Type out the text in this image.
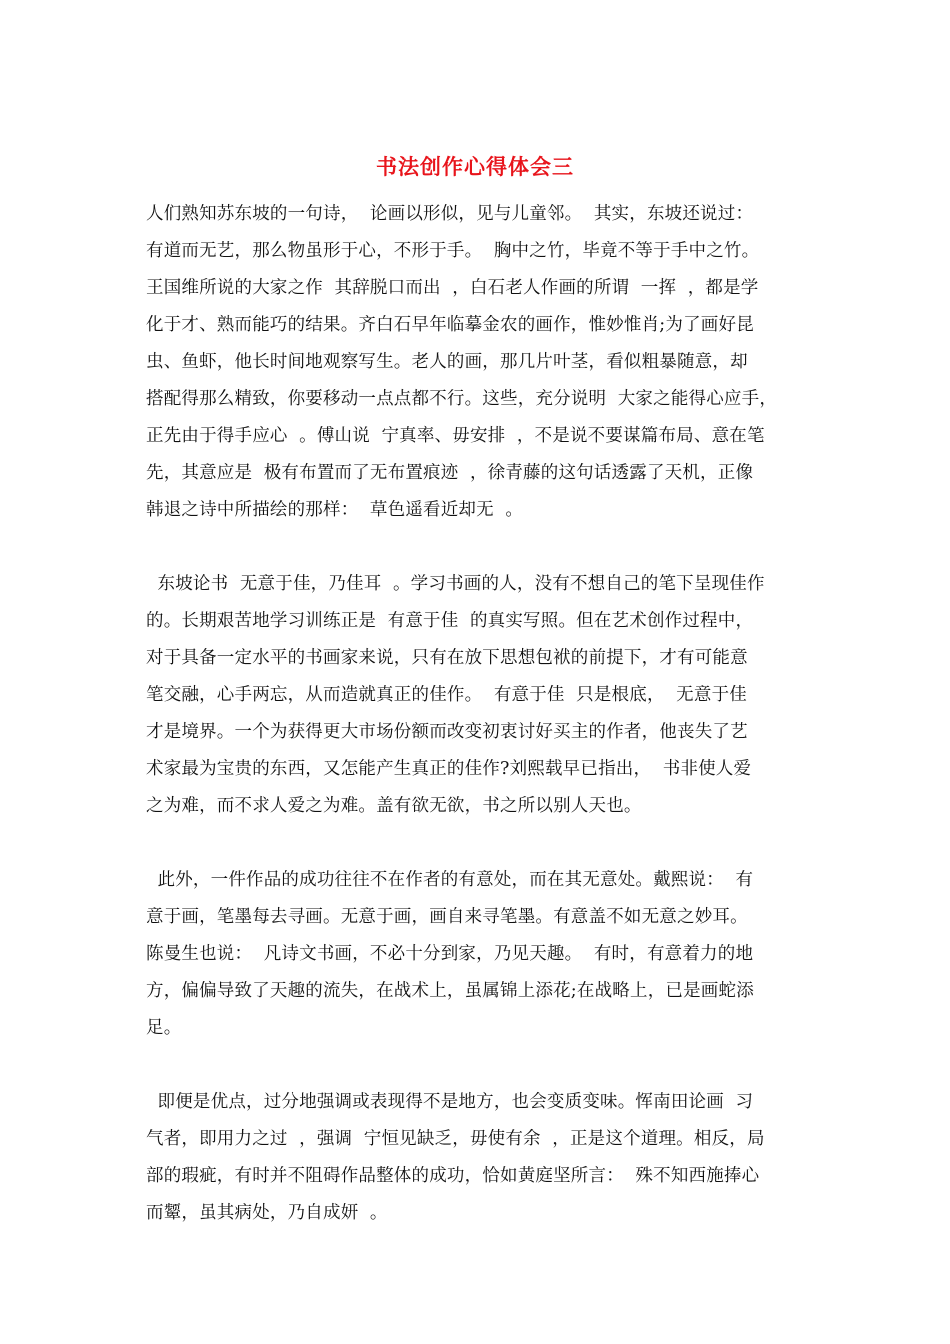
书法创作心得体会三
人们熟知苏东坡的一句诗，  论画以形似，见与儿童邻。  其实，东坡还说过：
有道而无艺，那么物虽形于心，不形于手。  胸中之竹，毕竟不等于手中之竹。
王国维所说的大家之作  其辞脱口而出  ，白石老人作画的所谓  一挥  ，都是学
化于才、熟而能巧的结果。齐白石早年临摹金农的画作，惟妙惟肖;为了画好昆
虫、鱼虾，他长时间地观察写生。老人的画，那几片叶茎，看似粗暴随意，却
搭配得那么精致，你要移动一点点都不行。这些，充分说明  大家之能得心应手，
正先由于得手应心  。傅山说  宁真率、毋安排  ，不是说不要谋篇布局、意在笔
先，其意应是  极有布置而了无布置痕迹  ，徐青藤的这句话透露了天机，正像
韩退之诗中所描绘的那样：  草色遥看近却无  。
东坡论书  无意于佳，乃佳耳  。学习书画的人，没有不想自己的笔下呈现佳作
的。长期艰苦地学习训练正是  有意于佳  的真实写照。但在艺术创作过程中，
对于具备一定水平的书画家来说，只有在放下思想包袱的前提下，才有可能意
笔交融，心手两忘，从而造就真正的佳作。  有意于佳  只是根底，  无意于佳
才是境界。一个为获得更大市场份额而改变初衷讨好买主的作者，他丧失了艺
术家最为宝贵的东西，又怎能产生真正的佳作?刘熙载早已指出，  书非使人爱
之为难，而不求人爱之为难。盖有欲无欲，书之所以别人天也。
此外，一件作品的成功往往不在作者的有意处，而在其无意处。戴熙说：  有
意于画，笔墨每去寻画。无意于画，画自来寻笔墨。有意盖不如无意之妙耳。
陈曼生也说：  凡诗文书画，不必十分到家，乃见天趣。  有时，有意着力的地
方，偏偏导致了天趣的流失，在战术上，虽属锦上添花;在战略上，已是画蛇添
足。
即便是优点，过分地强调或表现得不是地方，也会变质变味。恽南田论画  习
气者，即用力之过  ，强调  宁恒见缺乏，毋使有余  ，正是这个道理。相反，局
部的瑕疵，有时并不阻碍作品整体的成功，恰如黄庭坚所言：  殊不知西施捧心
而颦，虽其病处，乃自成妍  。
